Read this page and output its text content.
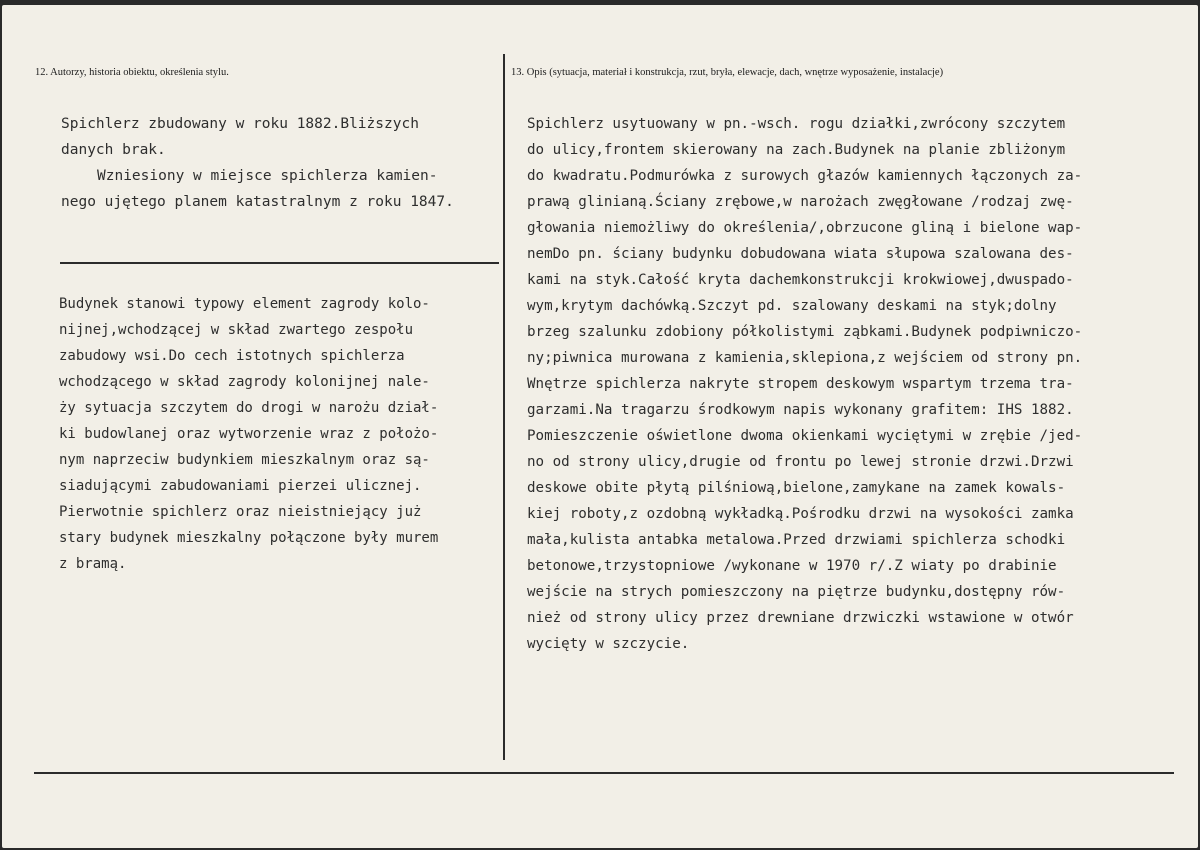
12. Autorzy, historia obiektu, określenia stylu.	13. Opis (sytuacja, materiał i konstrukcja, rzut, bryła, elewacje, dach, wnętrze wyposażenie, instalacje)
Spichlerz zbudowany w roku 1882.Bliższych
danych brak.
Wzniesiony w miejsce spichlerza kamien-
nego ujętego planem katastralnym z roku 1847.
Budynek stanowi typowy element zagrody kolo-
nijnej,wchodzącej w skład zwartego zespołu
zabudowy wsi.Do cech istotnych spichlerza
wchodzącego w skład zagrody kolonijnej nale-
ży sytuacja szczytem do drogi w narożu dział-
ki budowlanej oraz wytworzenie wraz z położo-
nym naprzeciw budynkiem mieszkalnym oraz są-
siadującymi zabudowaniami pierzei ulicznej.
Pierwotnie spichlerz oraz nieistniejący już
stary budynek mieszkalny połączone były murem
z bramą.
Spichlerz usytuowany w pn.-wsch. rogu działki,zwrócony szczytem
do ulicy,frontem skierowany na zach.Budynek na planie zbliżonym
do kwadratu.Podmurówka z surowych głazów kamiennych łączonych za-
prawą glinianą.Ściany zrębowe,w narożach zwęgłowane /rodzaj zwę-
głowania niemożliwy do określenia/,obrzucone gliną i bielone wap-
nemDo pn. ściany budynku dobudowana wiata słupowa szalowana des-
kami na styk.Całość kryta dachemkonstrukcji krokwiowej,dwuspado-
wym,krytym dachówką.Szczyt pd. szalowany deskami na styk;dolny
brzeg szalunku zdobiony półkolistymi ząbkami.Budynek podpiwniczo-
ny;piwnica murowana z kamienia,sklepiona,z wejściem od strony pn.
Wnętrze spichlerza nakryte stropem deskowym wspartym trzema tra-
garzami.Na tragarzu środkowym napis wykonany grafitem: IHS 1882.
Pomieszczenie oświetlone dwoma okienkami wyciętymi w zrębie /jed-
no od strony ulicy,drugie od frontu po lewej stronie drzwi.Drzwi
deskowe obite płytą pilśniową,bielone,zamykane na zamek kowals-
kiej roboty,z ozdobną wykładką.Pośrodku drzwi na wysokości zamka
mała,kulista antabka metalowa.Przed drzwiami spichlerza schodki
betonowe,trzystopniowe /wykonane w 1970 r/.Z wiaty po drabinie
wejście na strych pomieszczony na piętrze budynku,dostępny rów-
nież od strony ulicy przez drewniane drzwiczki wstawione w otwór
wycięty w szczycie.
